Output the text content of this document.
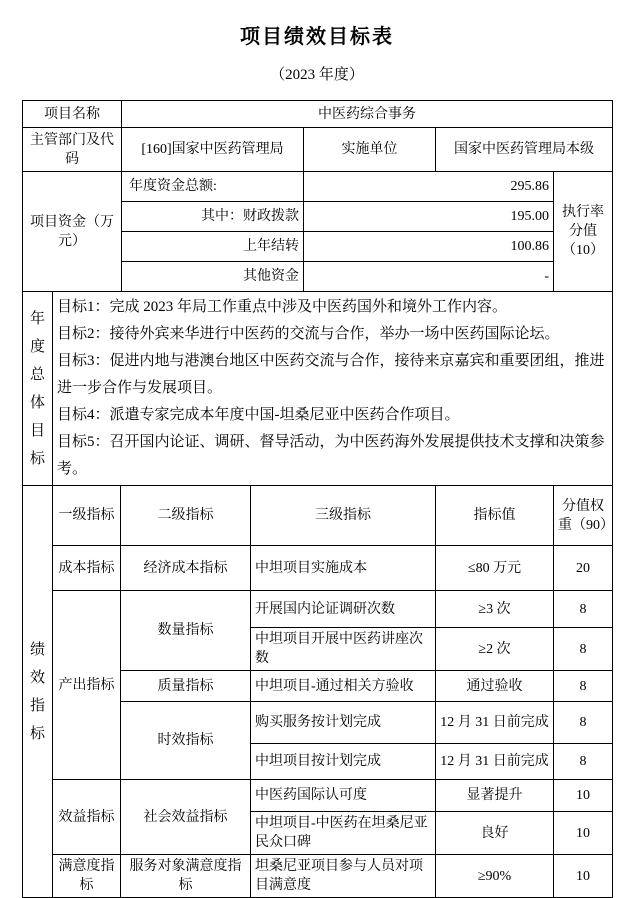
项目绩效目标表
（2023 年度）
项目名称	中医药综合事务			
主管部门及代码	[160]国家中医药管理局	实施单位	国家中医药管理局本级	
项目资金（万元）	年度资金总额:	295.86		执行率分值（10）
	其中：财政拨款	195.00		
	上年结转	100.86		
	其他资金	-		
年度总体目标

目标1：完成 2023 年局工作重点中涉及中医药国外和境外工作内容。
目标2：接待外宾来华进行中医药的交流与合作，举办一场中医药国际论坛。
目标3：促进内地与港澳台地区中医药交流与合作，接待来京嘉宾和重要团组，推进进一步合作与发展项目。
目标4：派遣专家完成本年度中国-坦桑尼亚中医药合作项目。
目标5：召开国内论证、调研、督导活动，为中医药海外发展提供技术支撑和决策参考。
绩效指标	一级指标	二级指标	三级指标	指标值	分值权重（90）
	成本指标	经济成本指标	中坦项目实施成本	≤80 万元	20
	产出指标	数量指标	开展国内论证调研次数	≥3 次	8
			中坦项目开展中医药讲座次数	≥2 次	8
		质量指标	中坦项目-通过相关方验收	通过验收	8
		时效指标	购买服务按计划完成	12 月 31 日前完成	8
			中坦项目按计划完成	12 月 31 日前完成	8
	效益指标	社会效益指标	中医药国际认可度	显著提升	10
			中坦项目-中医药在坦桑尼亚民众口碑	良好	10
	满意度指标	服务对象满意度指标	坦桑尼亚项目参与人员对项目满意度	≥90%	10
